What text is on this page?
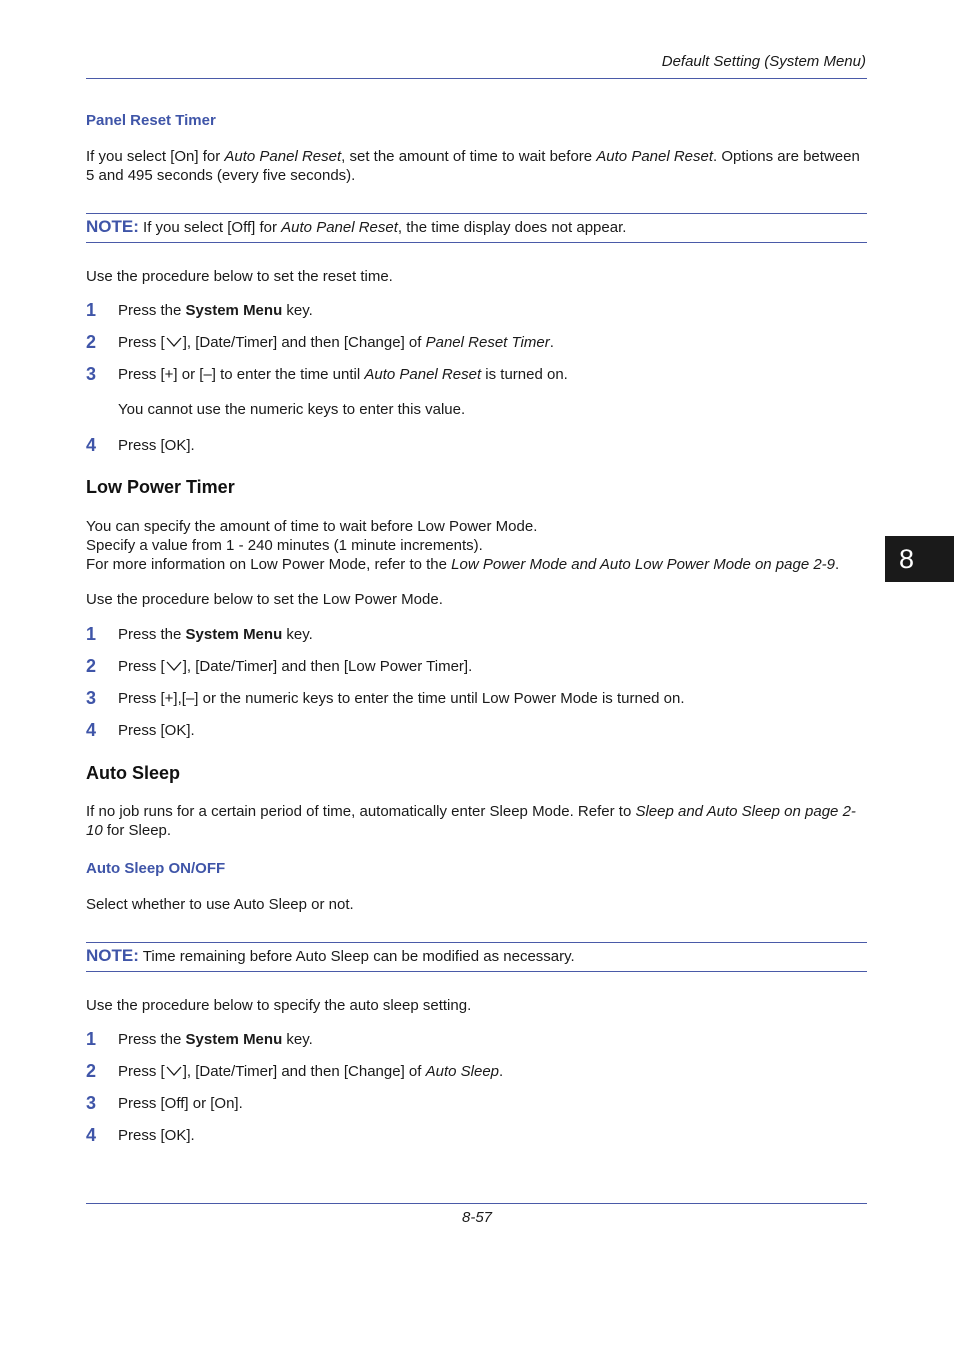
Default Setting (System Menu)
Panel Reset Timer
If you select [On] for Auto Panel Reset, set the amount of time to wait before Auto Panel Reset. Options are between 5 and 495 seconds (every five seconds).
NOTE: If you select [Off] for Auto Panel Reset, the time display does not appear.
Use the procedure below to set the reset time.
1 Press the System Menu key.
2 Press [ ], [Date/Timer] and then [Change] of Panel Reset Timer.
3 Press [+] or [–] to enter the time until Auto Panel Reset is turned on.
You cannot use the numeric keys to enter this value.
4 Press [OK].
Low Power Timer
You can specify the amount of time to wait before Low Power Mode.
Specify a value from 1 - 240 minutes (1 minute increments).
For more information on Low Power Mode, refer to the Low Power Mode and Auto Low Power Mode on page 2-9.
Use the procedure below to set the Low Power Mode.
1 Press the System Menu key.
2 Press [ ], [Date/Timer] and then [Low Power Timer].
3 Press [+],[–] or the numeric keys to enter the time until Low Power Mode is turned on.
4 Press [OK].
Auto Sleep
If no job runs for a certain period of time, automatically enter Sleep Mode. Refer to Sleep and Auto Sleep on page 2-10 for Sleep.
Auto Sleep ON/OFF
Select whether to use Auto Sleep or not.
NOTE: Time remaining before Auto Sleep can be modified as necessary.
Use the procedure below to specify the auto sleep setting.
1 Press the System Menu key.
2 Press [ ], [Date/Timer] and then [Change] of Auto Sleep.
3 Press [Off] or [On].
4 Press [OK].
8
8-57
